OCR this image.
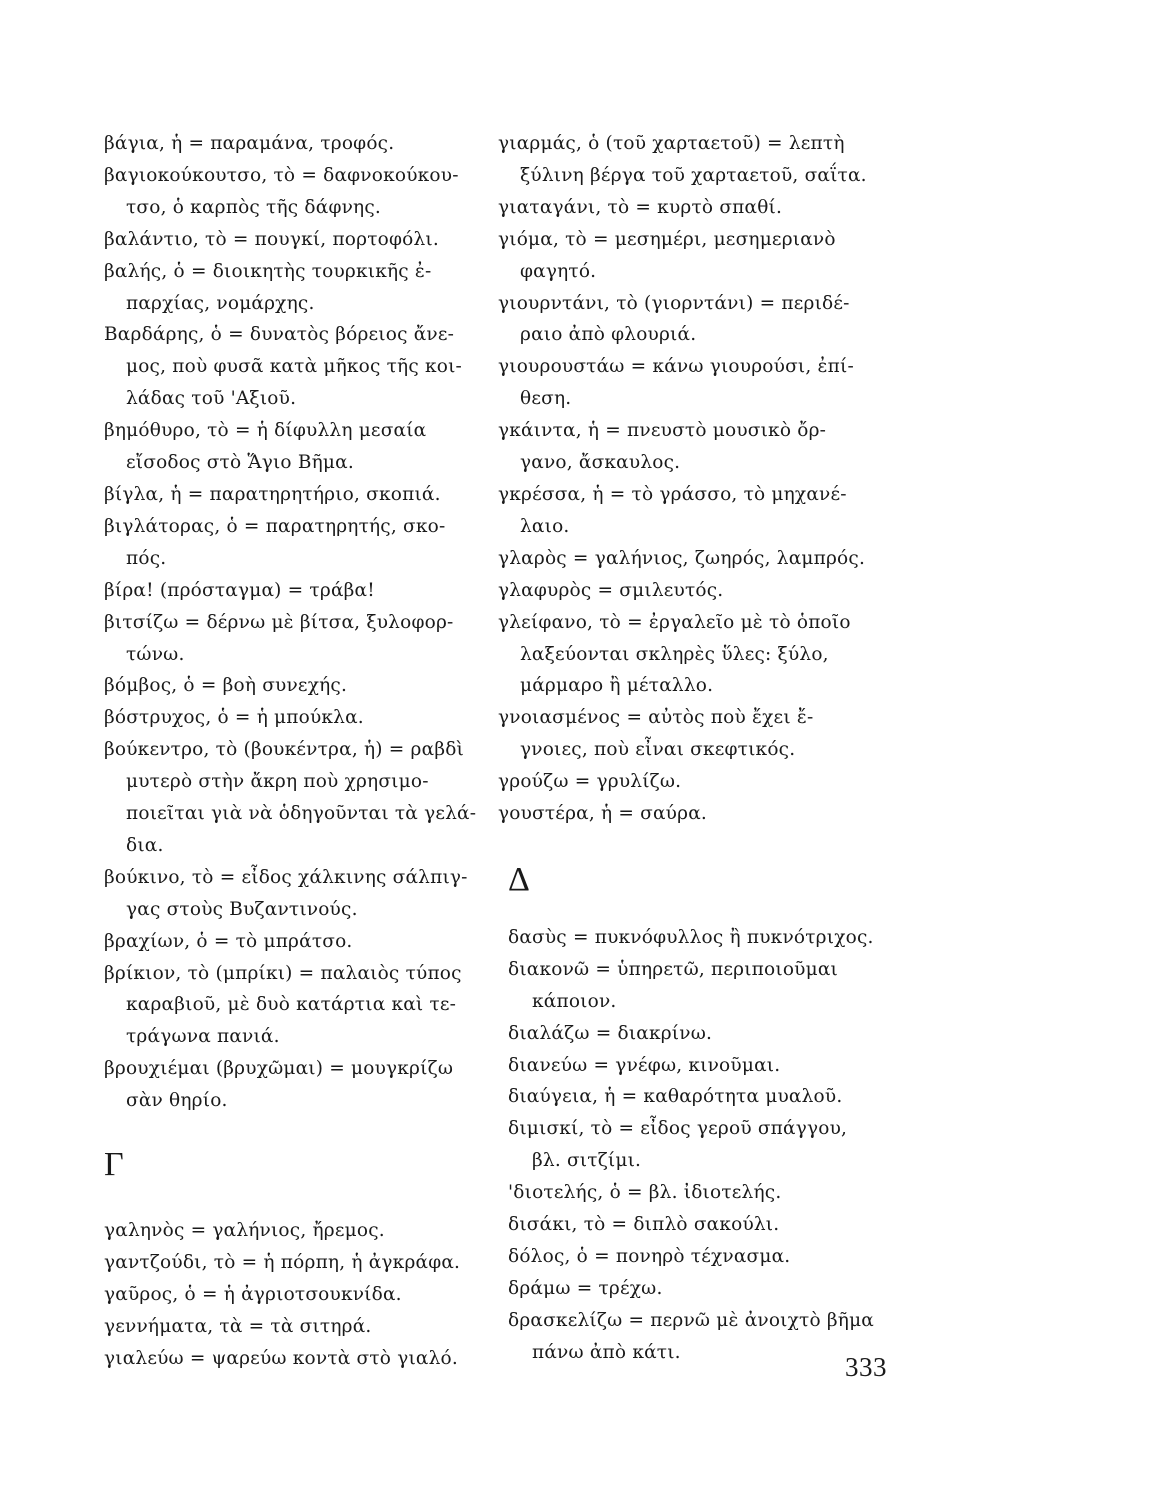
βάγια, ἡ = παραμάνα, τροφός.
βαγιοκούκουτσο, τὸ = δαφνοκούκου-
τσο, ὁ καρπὸς τῆς δάφνης.
βαλάντιο, τὸ = πουγκί, πορτοφόλι.
βαλής, ὁ = διοικητὴς τουρκικῆς ἐ-
παρχίας, νομάρχης.
Βαρδάρης, ὁ = δυνατὸς βόρειος ἄνε-
μος, ποὺ φυσᾶ κατὰ μῆκος τῆς κοι-
λάδας τοῦ 'Αξιοῦ.
βημόθυρο, τὸ = ἡ δίφυλλη μεσαία
εἴσοδος στὸ Ἅγιο Βῆμα.
βίγλα, ἡ = παρατηρητήριο, σκοπιά.
βιγλάτορας, ὁ = παρατηρητής, σκο-
πός.
βίρα! (πρόσταγμα) = τράβα!
βιτσίζω = δέρνω μὲ βίτσα, ξυλοφορ-
τώνω.
βόμβος, ὁ = βοὴ συνεχής.
βόστρυχος, ὁ = ἡ μπούκλα.
βούκεντρο, τὸ (βουκέντρα, ἡ) = ραβδὶ
μυτερὸ στὴν ἄκρη ποὺ χρησιμο-
ποιεῖται γιὰ νὰ ὁδηγοῦνται τὰ γελά-
δια.
βούκινο, τὸ = εἶδος χάλκινης σάλπιγ-
γας στοὺς Βυζαντινούς.
βραχίων, ὁ = τὸ μπράτσο.
βρίκιον, τὸ (μπρίκι) = παλαιὸς τύπος
καραβιοῦ, μὲ δυὸ κατάρτια καὶ τε-
τράγωνα πανιά.
βρουχιέμαι (βρυχῶμαι) = μουγκρίζω
σὰν θηρίο.
Γ
γαληνὸς = γαλήνιος, ἤρεμος.
γαντζούδι, τὸ = ἡ πόρπη, ἡ ἀγκράφα.
γαῦρος, ὁ = ἡ ἀγριοτσουκνίδα.
γεννήματα, τὰ = τὰ σιτηρά.
γιαλεύω = ψαρεύω κοντὰ στὸ γιαλό.
γιαρμάς, ὁ (τοῦ χαρταετοῦ) = λεπτὴ
ξύλινη βέργα τοῦ χαρταετοῦ, σαΐτα.
γιαταγάνι, τὸ = κυρτὸ σπαθί.
γιόμα, τὸ = μεσημέρι, μεσημεριανὸ
φαγητό.
γιουρντάνι, τὸ (γιορντάνι) = περιδέ-
ραιο ἀπὸ φλουριά.
γιουρουστάω = κάνω γιουρούσι, ἐπί-
θεση.
γκάιντα, ἡ = πνευστὸ μουσικὸ ὄρ-
γανο, ἄσκαυλος.
γκρέσσα, ἡ = τὸ γράσσο, τὸ μηχανέ-
λαιο.
γλαρὸς = γαλήνιος, ζωηρός, λαμπρός.
γλαφυρὸς = σμιλευτός.
γλείφανο, τὸ = ἐργαλεῖο μὲ τὸ ὁποῖο
λαξεύονται σκληρὲς ὕλες: ξύλο,
μάρμαρο ἢ μέταλλο.
γνοιασμένος = αὐτὸς ποὺ ἔχει ἔ-
γνοιες, ποὺ εἶναι σκεφτικός.
γρούζω = γρυλίζω.
γουστέρα, ἡ = σαύρα.
Δ
δασὺς = πυκνόφυλλος ἢ πυκνότριχος.
διακονῶ = ὑπηρετῶ, περιποιοῦμαι
κάποιον.
διαλάζω = διακρίνω.
διανεύω = γνέφω, κινοῦμαι.
διαύγεια, ἡ = καθαρότητα μυαλοῦ.
διμισκί, τὸ = εἶδος γεροῦ σπάγγου,
βλ. σιτζίμι.
'διοτελής, ὁ = βλ. ἰδιοτελής.
δισάκι, τὸ = διπλὸ σακούλι.
δόλος, ὁ = πονηρὸ τέχνασμα.
δράμω = τρέχω.
δρασκελίζω = περνῶ μὲ ἀνοιχτὸ βῆμα
πάνω ἀπὸ κάτι.	333
